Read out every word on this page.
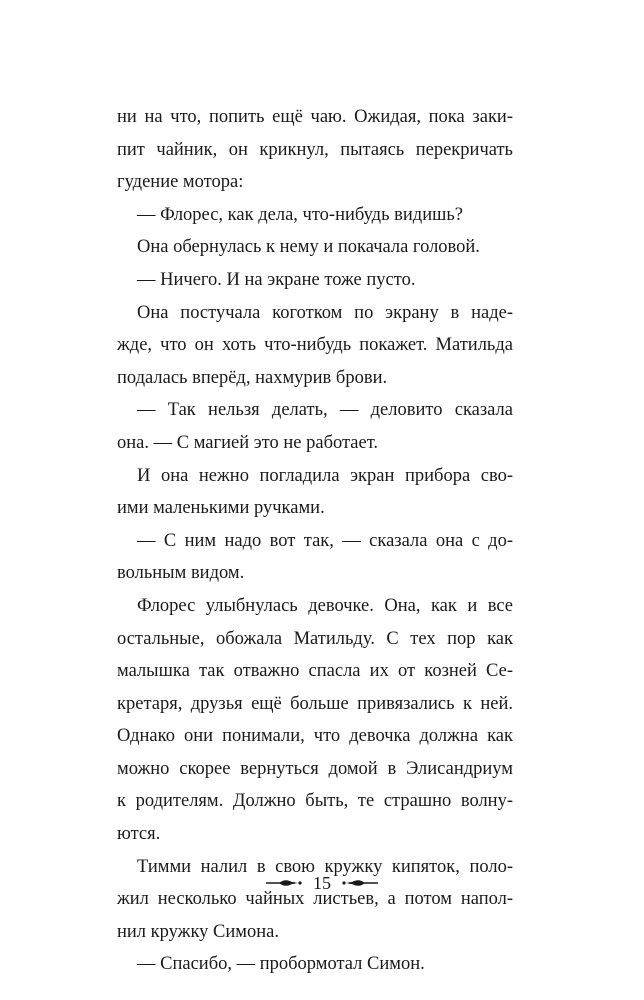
ни на что, попить ещё чаю. Ожидая, пока заки-
пит чайник, он крикнул, пытаясь перекричать
гудение мотора:
— Флорес, как дела, что-нибудь видишь?
Она обернулась к нему и покачала головой.
— Ничего. И на экране тоже пусто.
Она постучала коготком по экрану в наде-
жде, что он хоть что-нибудь покажет. Матильда
подалась вперёд, нахмурив брови.
— Так нельзя делать, — деловито сказала
она. — С магией это не работает.
И она нежно погладила экран прибора сво-
ими маленькими ручками.
— С ним надо вот так, — сказала она с до-
вольным видом.
Флорес улыбнулась девочке. Она, как и все
остальные, обожала Матильду. С тех пор как
малышка так отважно спасла их от козней Се-
кретаря, друзья ещё больше привязались к ней.
Однако они понимали, что девочка должна как
можно скорее вернуться домой в Элисандриум
к родителям. Должно быть, те страшно волну-
ются.
Тимми налил в свою кружку кипяток, поло-
жил несколько чайных листьев, а потом напол-
нил кружку Симона.
— Спасибо, — пробормотал Симон.
15
